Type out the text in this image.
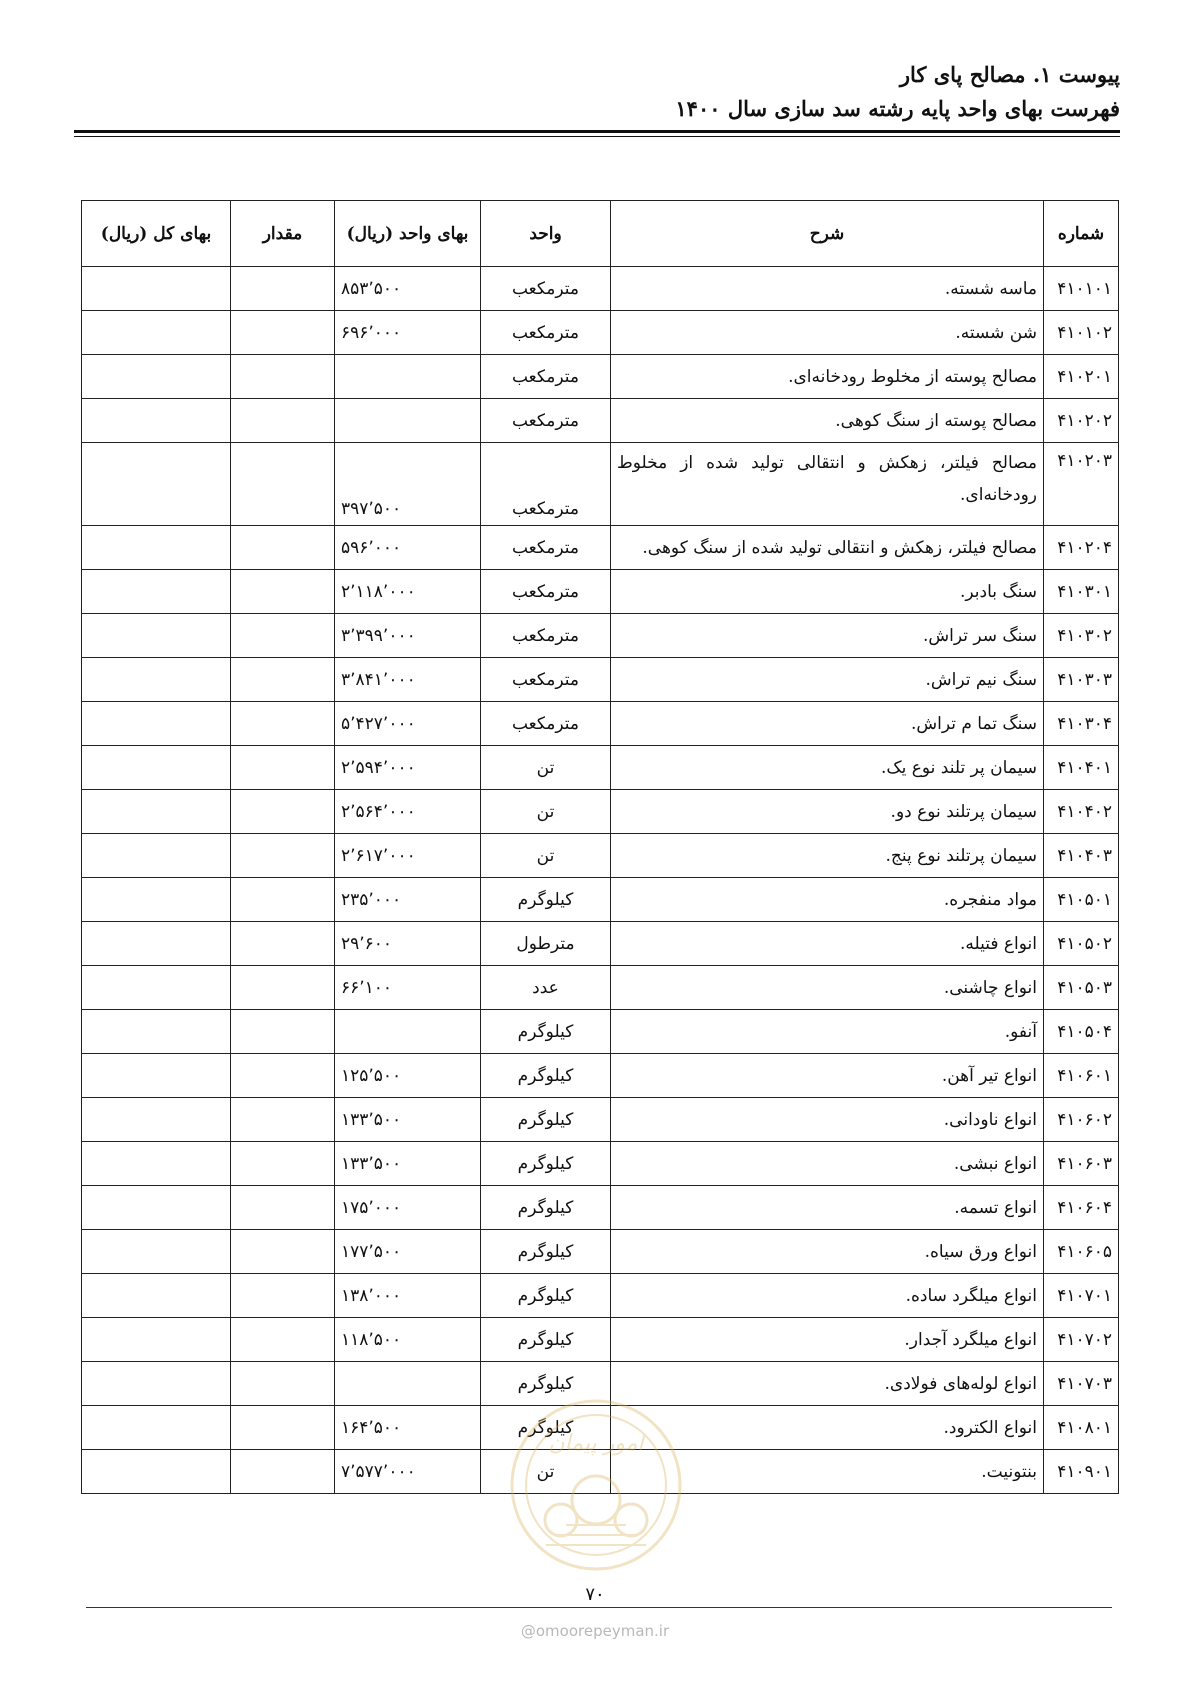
پیوست ۱. مصالح پای کار
فهرست بهای واحد پایه رشته سد سازی سال ۱۴۰۰
شماره	شرح	واحد	بهای واحد (ریال)	مقدار	بهای کل (ریال)
۴۱۰۱۰۱	ماسه شسته.	مترمکعب	۸۵۳٬۵۰۰		
۴۱۰۱۰۲	شن شسته.	مترمکعب	۶۹۶٬۰۰۰		
۴۱۰۲۰۱	مصالح پوسته از مخلوط رودخانه‌ای.	مترمکعب			
۴۱۰۲۰۲	مصالح پوسته از سنگ کوهی.	مترمکعب			
۴۱۰۲۰۳	مصالح فیلتر، زهکش و انتقالی تولید شده از مخلوط رودخانه‌ای.	مترمکعب	۳۹۷٬۵۰۰		
۴۱۰۲۰۴	مصالح فیلتر، زهکش و انتقالی تولید شده از سنگ کوهی.	مترمکعب	۵۹۶٬۰۰۰		
۴۱۰۳۰۱	سنگ بادبر.	مترمکعب	۲٬۱۱۸٬۰۰۰		
۴۱۰۳۰۲	سنگ سر تراش.	مترمکعب	۳٬۳۹۹٬۰۰۰		
۴۱۰۳۰۳	سنگ نیم تراش.	مترمکعب	۳٬۸۴۱٬۰۰۰		
۴۱۰۳۰۴	سنگ تما م تراش.	مترمکعب	۵٬۴۲۷٬۰۰۰		
۴۱۰۴۰۱	سیمان پر تلند نوع یک.	تن	۲٬۵۹۴٬۰۰۰		
۴۱۰۴۰۲	سیمان پرتلند نوع دو.	تن	۲٬۵۶۴٬۰۰۰		
۴۱۰۴۰۳	سیمان پرتلند نوع پنج.	تن	۲٬۶۱۷٬۰۰۰		
۴۱۰۵۰۱	مواد منفجره.	کیلوگرم	۲۳۵٬۰۰۰		
۴۱۰۵۰۲	انواع فتیله.	مترطول	۲۹٬۶۰۰		
۴۱۰۵۰۳	انواع چاشنی.	عدد	۶۶٬۱۰۰		
۴۱۰۵۰۴	آنفو.	کیلوگرم			
۴۱۰۶۰۱	انواع تیر آهن.	کیلوگرم	۱۲۵٬۵۰۰		
۴۱۰۶۰۲	انواع ناودانی.	کیلوگرم	۱۳۳٬۵۰۰		
۴۱۰۶۰۳	انواع نبشی.	کیلوگرم	۱۳۳٬۵۰۰		
۴۱۰۶۰۴	انواع تسمه.	کیلوگرم	۱۷۵٬۰۰۰		
۴۱۰۶۰۵	انواع ورق سیاه.	کیلوگرم	۱۷۷٬۵۰۰		
۴۱۰۷۰۱	انواع میلگرد ساده.	کیلوگرم	۱۳۸٬۰۰۰		
۴۱۰۷۰۲	انواع میلگرد آجدار.	کیلوگرم	۱۱۸٬۵۰۰		
۴۱۰۷۰۳	انواع لوله‌های فولادی.	کیلوگرم			
۴۱۰۸۰۱	انواع الکترود.	کیلوگرم	۱۶۴٬۵۰۰		
۴۱۰۹۰۱	بنتونیت.	تن	۷٬۵۷۷٬۰۰۰		
امور پیمان
۷۰
@omoorepeyman.ir
